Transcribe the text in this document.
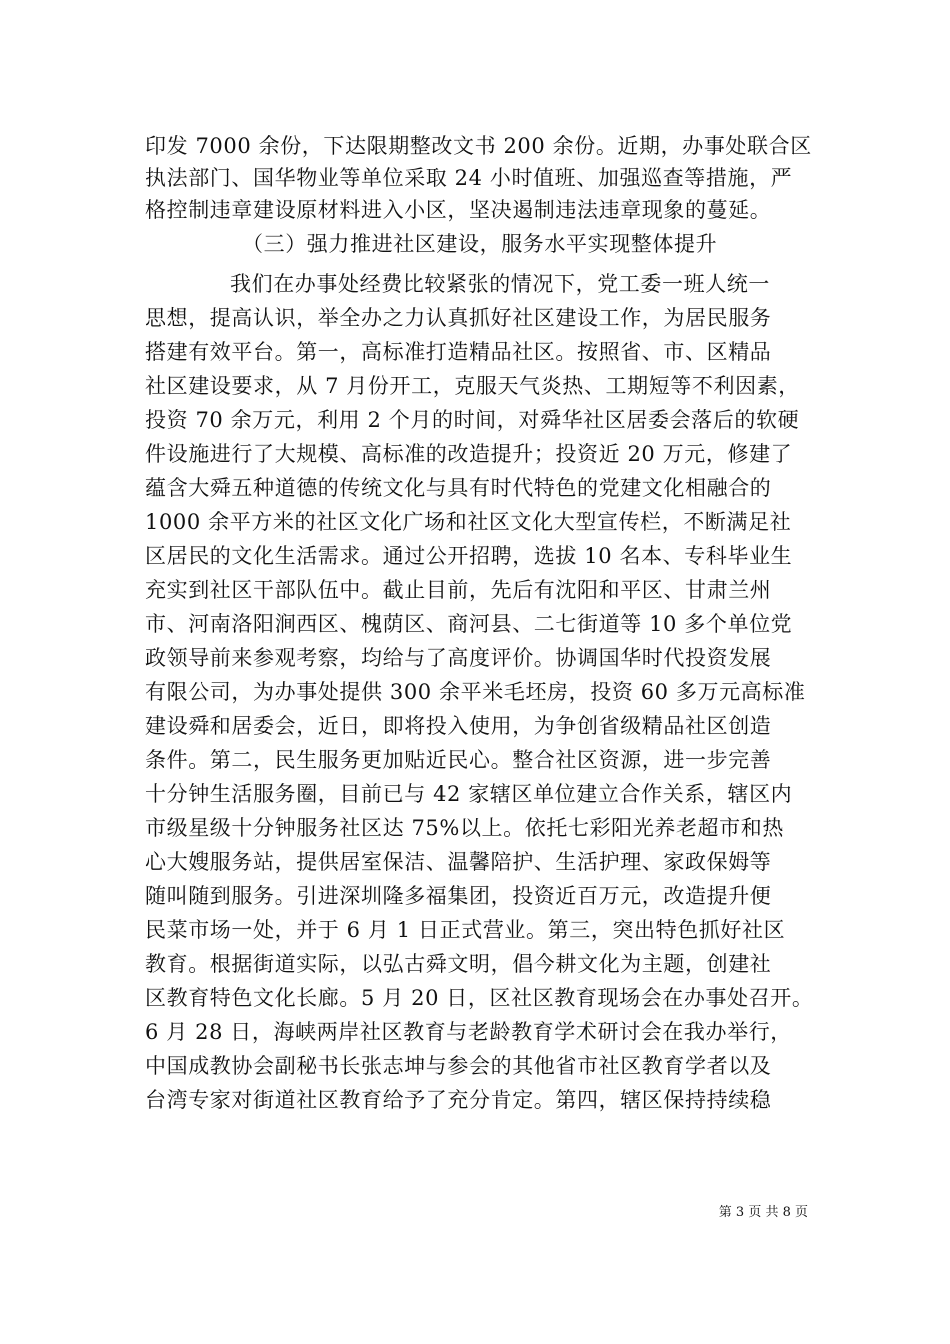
印发 7000 余份，下达限期整改文书 200 余份。近期，办事处联合区
执法部门、国华物业等单位采取 24 小时值班、加强巡查等措施，严
格控制违章建设原材料进入小区，坚决遏制违法违章现象的蔓延。
（三）强力推进社区建设，服务水平实现整体提升
我们在办事处经费比较紧张的情况下，党工委一班人统一
思想，提高认识，举全办之力认真抓好社区建设工作，为居民服务
搭建有效平台。第一，高标准打造精品社区。按照省、市、区精品
社区建设要求，从 7 月份开工，克服天气炎热、工期短等不利因素，
投资 70 余万元，利用 2 个月的时间，对舜华社区居委会落后的软硬
件设施进行了大规模、高标准的改造提升；投资近 20 万元，修建了
蕴含大舜五种道德的传统文化与具有时代特色的党建文化相融合的
1000 余平方米的社区文化广场和社区文化大型宣传栏，不断满足社
区居民的文化生活需求。通过公开招聘，选拔 10 名本、专科毕业生
充实到社区干部队伍中。截止目前，先后有沈阳和平区、甘肃兰州
市、河南洛阳涧西区、槐荫区、商河县、二七街道等 10 多个单位党
政领导前来参观考察，均给与了高度评价。协调国华时代投资发展
有限公司，为办事处提供 300 余平米毛坯房，投资 60 多万元高标准
建设舜和居委会，近日，即将投入使用，为争创省级精品社区创造
条件。第二，民生服务更加贴近民心。整合社区资源，进一步完善
十分钟生活服务圈，目前已与 42 家辖区单位建立合作关系，辖区内
市级星级十分钟服务社区达 75%以上。依托七彩阳光养老超市和热
心大嫂服务站，提供居室保洁、温馨陪护、生活护理、家政保姆等
随叫随到服务。引进深圳隆多福集团，投资近百万元，改造提升便
民菜市场一处，并于 6 月 1 日正式营业。第三，突出特色抓好社区
教育。根据街道实际，以弘古舜文明，倡今耕文化为主题，创建社
区教育特色文化长廊。5 月 20 日，区社区教育现场会在办事处召开。
6 月 28 日，海峡两岸社区教育与老龄教育学术研讨会在我办举行，
中国成教协会副秘书长张志坤与参会的其他省市社区教育学者以及
台湾专家对街道社区教育给予了充分肯定。第四，辖区保持持续稳
第 3 页 共 8 页
